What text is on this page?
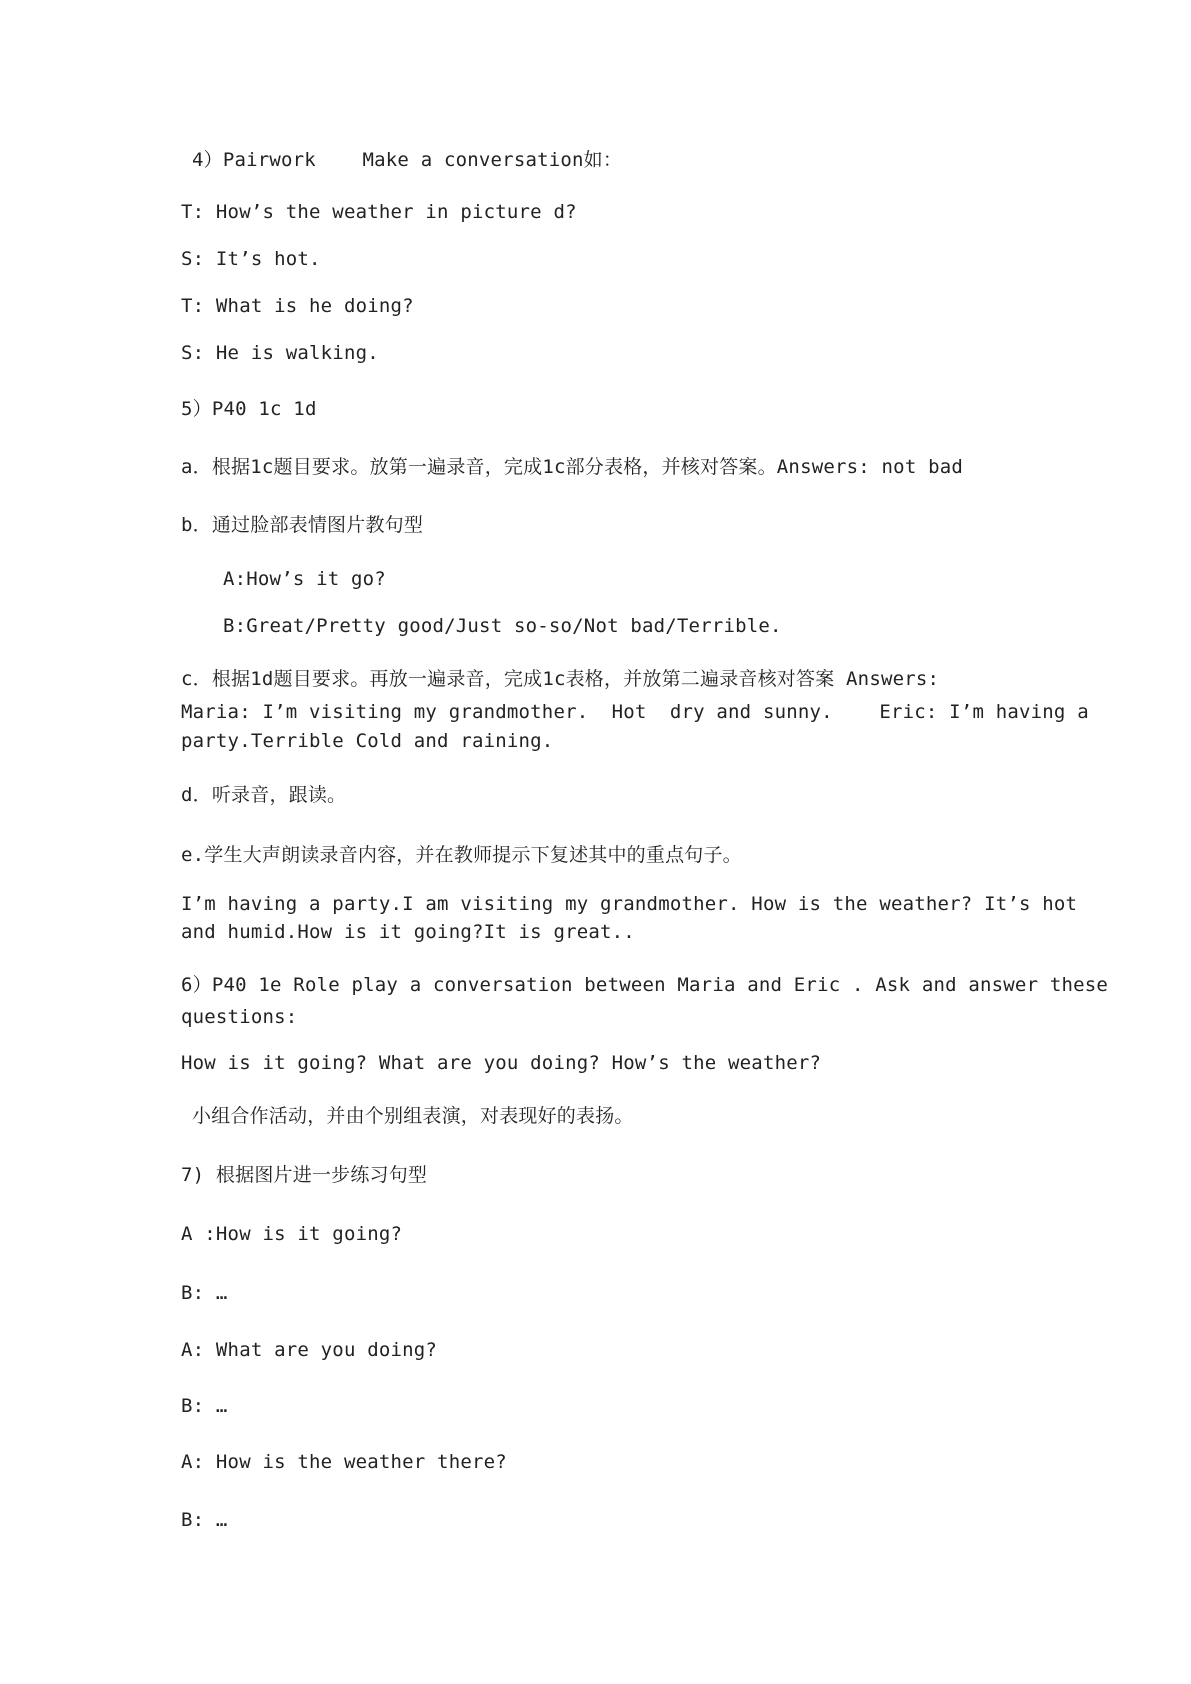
4）Pairwork    Make a conversation如：
T: How’s the weather in picture d?
S: It’s hot.
T: What is he doing?
S: He is walking.
5）P40 1c 1d
a．根据1c题目要求。放第一遍录音，完成1c部分表格，并核对答案。Answers: not bad
b．通过脸部表情图片教句型
A:How’s it go?
B:Great/Pretty good/Just so-so/Not bad/Terrible.
c．根据1d题目要求。再放一遍录音，完成1c表格，并放第二遍录音核对答案 Answers:
Maria: I’m visiting my grandmother.  Hot  dry and sunny.    Eric: I’m having a
party.Terrible Cold and raining.
d．听录音，跟读。
e.学生大声朗读录音内容，并在教师提示下复述其中的重点句子。
I’m having a party.I am visiting my grandmother. How is the weather? It’s hot
and humid.How is it going?It is great..
6）P40 1e Role play a conversation between Maria and Eric . Ask and answer these
questions:
How is it going? What are you doing? How’s the weather?
小组合作活动，并由个别组表演，对表现好的表扬。
7) 根据图片进一步练习句型
A :How is it going?
B: …
A: What are you doing?
B: …
A: How is the weather there?
B: …
